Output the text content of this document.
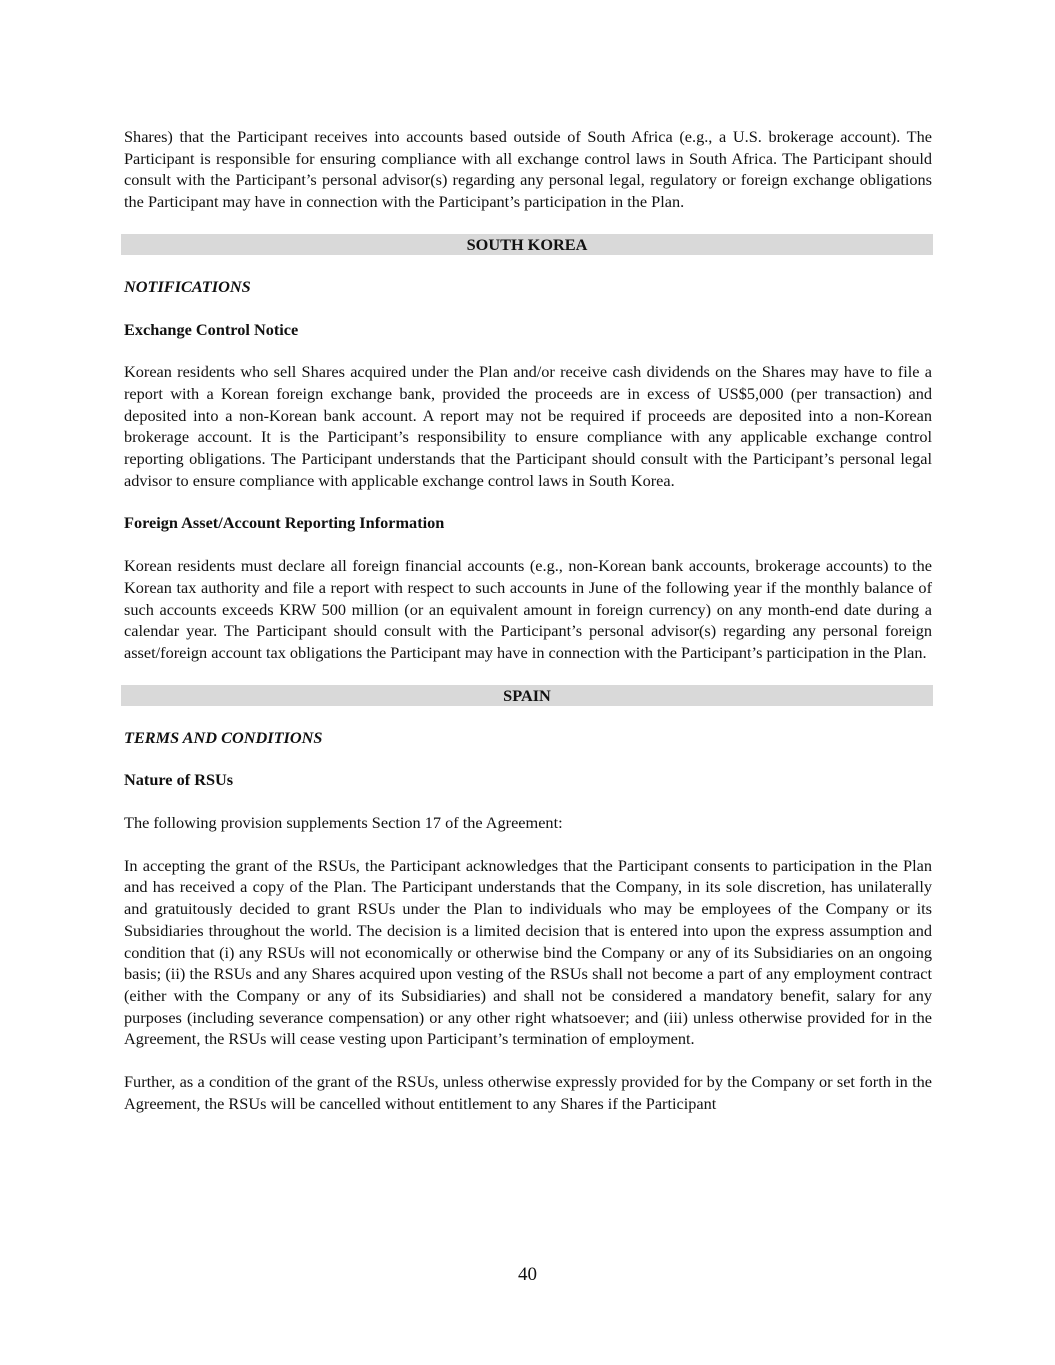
Shares) that the Participant receives into accounts based outside of South Africa (e.g., a U.S. brokerage account). The Participant is responsible for ensuring compliance with all exchange control laws in South Africa. The Participant should consult with the Participant’s personal advisor(s) regarding any personal legal, regulatory or foreign exchange obligations the Participant may have in connection with the Participant’s participation in the Plan.

SOUTH KOREA

NOTIFICATIONS

Exchange Control Notice

Korean residents who sell Shares acquired under the Plan and/or receive cash dividends on the Shares may have to file a report with a Korean foreign exchange bank, provided the proceeds are in excess of US$5,000 (per transaction) and deposited into a non-Korean bank account. A report may not be required if proceeds are deposited into a non-Korean brokerage account. It is the Participant’s responsibility to ensure compliance with any applicable exchange control reporting obligations. The Participant understands that the Participant should consult with the Participant’s personal legal advisor to ensure compliance with applicable exchange control laws in South Korea.

Foreign Asset/Account Reporting Information

Korean residents must declare all foreign financial accounts (e.g., non-Korean bank accounts, brokerage accounts) to the Korean tax authority and file a report with respect to such accounts in June of the following year if the monthly balance of such accounts exceeds KRW 500 million (or an equivalent amount in foreign currency) on any month-end date during a calendar year. The Participant should consult with the Participant’s personal advisor(s) regarding any personal foreign asset/foreign account tax obligations the Participant may have in connection with the Participant’s participation in the Plan.

SPAIN

TERMS AND CONDITIONS

Nature of RSUs

The following provision supplements Section 17 of the Agreement:

In accepting the grant of the RSUs, the Participant acknowledges that the Participant consents to participation in the Plan and has received a copy of the Plan. The Participant understands that the Company, in its sole discretion, has unilaterally and gratuitously decided to grant RSUs under the Plan to individuals who may be employees of the Company or its Subsidiaries throughout the world. The decision is a limited decision that is entered into upon the express assumption and condition that (i) any RSUs will not economically or otherwise bind the Company or any of its Subsidiaries on an ongoing basis; (ii) the RSUs and any Shares acquired upon vesting of the RSUs shall not become a part of any employment contract (either with the Company or any of its Subsidiaries) and shall not be considered a mandatory benefit, salary for any purposes (including severance compensation) or any other right whatsoever; and (iii) unless otherwise provided for in the Agreement, the RSUs will cease vesting upon Participant’s termination of employment.

Further, as a condition of the grant of the RSUs, unless otherwise expressly provided for by the Company or set forth in the Agreement, the RSUs will be cancelled without entitlement to any Shares if the Participant

40
